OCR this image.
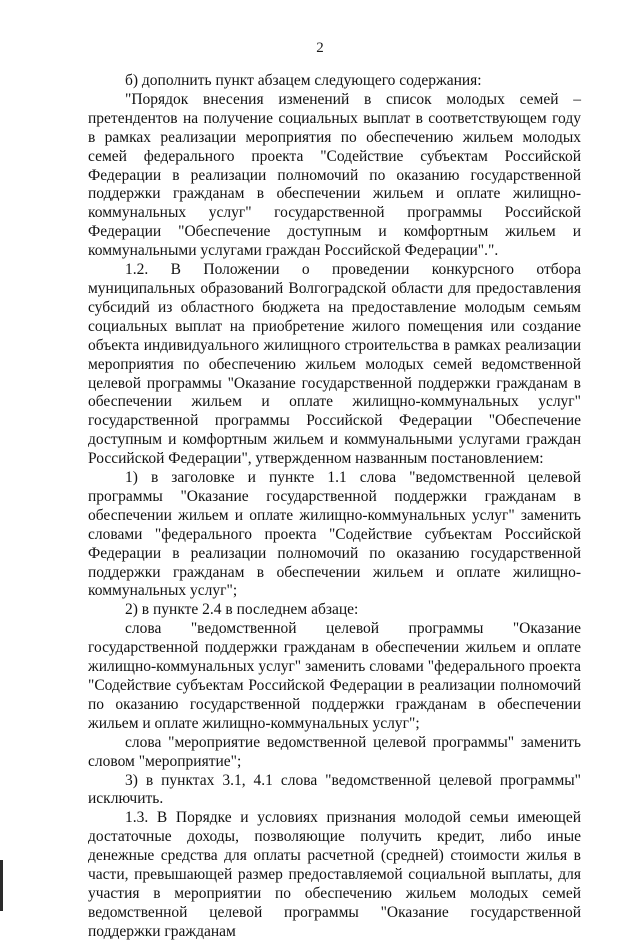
2

б) дополнить пункт абзацем следующего содержания:

"Порядок внесения изменений в список молодых семей – претендентов на получение социальных выплат в соответствующем году в рамках реализации мероприятия по обеспечению жильем молодых семей федерального проекта "Содействие субъектам Российской Федерации в реализации полномочий по оказанию государственной поддержки гражданам в обеспечении жильем и оплате жилищно-коммунальных услуг" государственной программы Российской Федерации "Обеспечение доступным и комфортным жильем и коммунальными услугами граждан Российской Федерации".".

1.2. В Положении о проведении конкурсного отбора муниципальных образований Волгоградской области для предоставления субсидий из областного бюджета на предоставление молодым семьям социальных выплат на приобретение жилого помещения или создание объекта индивидуального жилищного строительства в рамках реализации мероприятия по обеспечению жильем молодых семей ведомственной целевой программы "Оказание государственной поддержки гражданам в обеспечении жильем и оплате жилищно-коммунальных услуг" государственной программы Российской Федерации "Обеспечение доступным и комфортным жильем и коммунальными услугами граждан Российской Федерации", утвержденном названным постановлением:

1) в заголовке и пункте 1.1 слова "ведомственной целевой программы "Оказание государственной поддержки гражданам в обеспечении жильем и оплате жилищно-коммунальных услуг" заменить словами "федерального проекта "Содействие субъектам Российской Федерации в реализации полномочий по оказанию государственной поддержки гражданам в обеспечении жильем и оплате жилищно-коммунальных услуг";

2) в пункте 2.4 в последнем абзаце:

слова "ведомственной целевой программы "Оказание государственной поддержки гражданам в обеспечении жильем и оплате жилищно-коммунальных услуг" заменить словами "федерального проекта "Содействие субъектам Российской Федерации в реализации полномочий по оказанию государственной поддержки гражданам в обеспечении жильем и оплате жилищно-коммунальных услуг";

слова "мероприятие ведомственной целевой программы" заменить словом "мероприятие";

3) в пунктах 3.1, 4.1 слова "ведомственной целевой программы" исключить.

1.3. В Порядке и условиях признания молодой семьи имеющей достаточные доходы, позволяющие получить кредит, либо иные денежные средства для оплаты расчетной (средней) стоимости жилья в части, превышающей размер предоставляемой социальной выплаты, для участия в мероприятии по обеспечению жильем молодых семей ведомственной целевой программы "Оказание государственной поддержки гражданам
